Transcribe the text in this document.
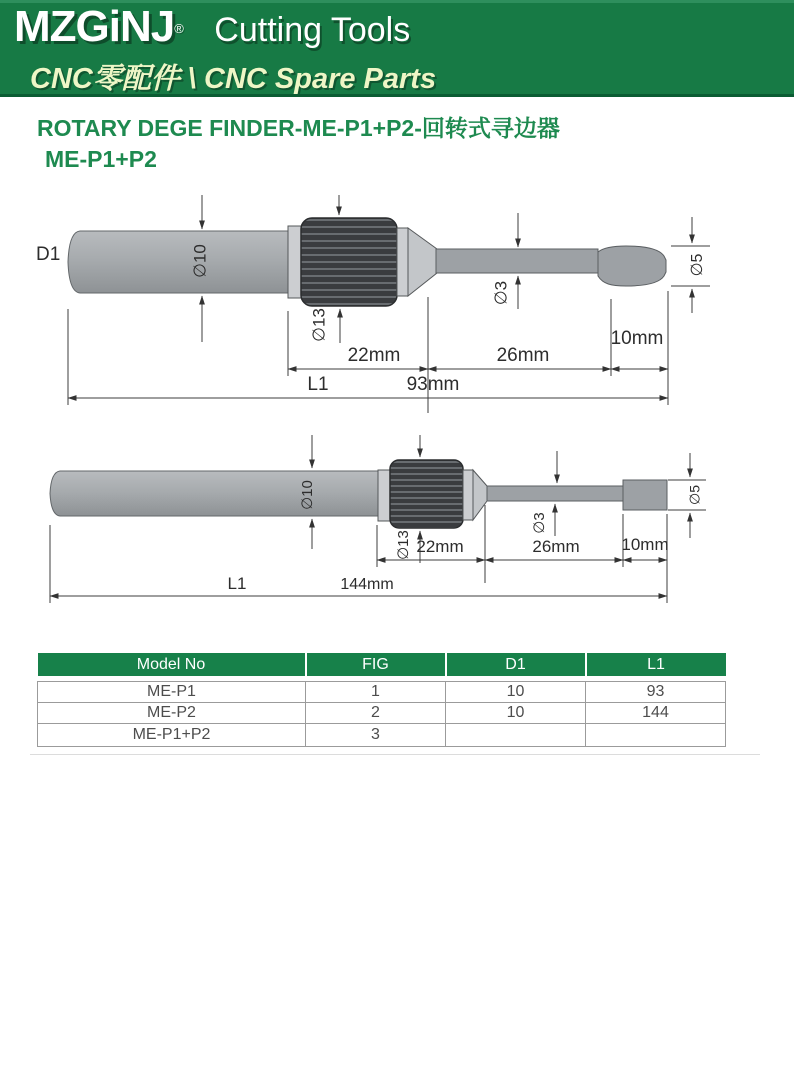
MZGiNJ® Cutting Tools
CNC零配件 \ CNC Spare Parts
ROTARY DEGE FINDER-ME-P1+P2-回转式寻边器
ME-P1+P2
D1	∅10
∅13
∅3
∅5
22mm	26mm
10mm
L1	93mm
∅10
∅13
∅3
∅5
22mm	26mm 10mm
L1	144mm
Model No	FIG	D1	L1

ME-P1	1	10	93
ME-P2	2	10	144
ME-P1+P2	3		
